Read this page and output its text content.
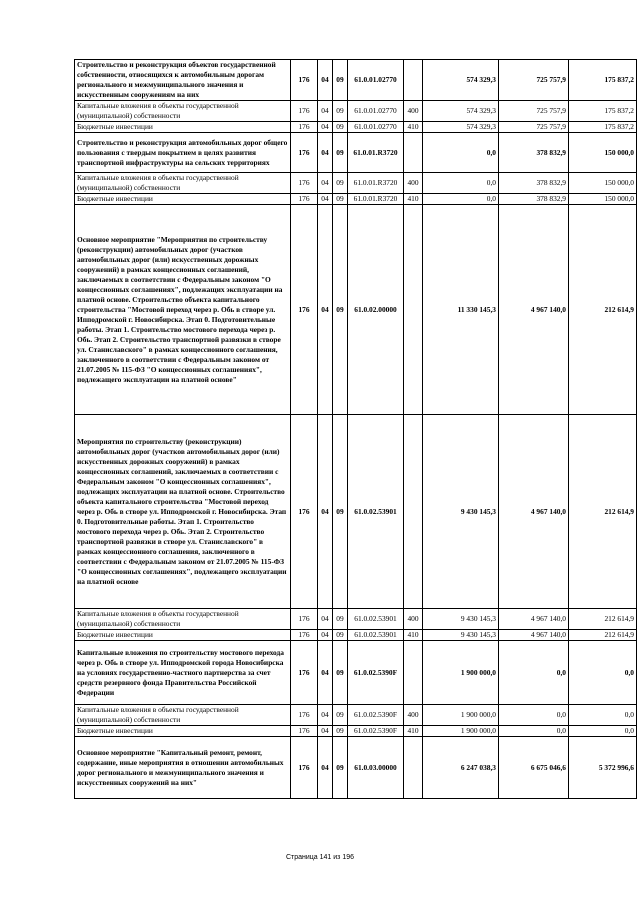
Строительство и реконструкция объектов государственной собственности, относящихся к автомобильным дорогам регионального и межмуниципального значения и искусственным сооружениям на них	176	04	09	61.0.01.02770		574 329,3	725 757,9	175 837,2
Капитальные вложения в объекты государственной (муниципальной) собственности	176	04	09	61.0.01.02770	400	574 329,3	725 757,9	175 837,2
Бюджетные инвестиции	176	04	09	61.0.01.02770	410	574 329,3	725 757,9	175 837,2
Строительство и реконструкция автомобильных дорог общего пользования с твердым покрытием в целях развития транспортной инфраструктуры на сельских территориях	176	04	09	61.0.01.R3720		0,0	378 832,9	150 000,0
Капитальные вложения в объекты государственной (муниципальной) собственности	176	04	09	61.0.01.R3720	400	0,0	378 832,9	150 000,0
Бюджетные инвестиции	176	04	09	61.0.01.R3720	410	0,0	378 832,9	150 000,0
Основное мероприятие "Мероприятия по строительству (реконструкции) автомобильных дорог (участков автомобильных дорог (или) искусственных дорожных сооружений) в рамках концессионных соглашений, заключаемых в соответствии с Федеральным законом "О концессионных соглашениях", подлежащих эксплуатации на платной основе. Строительство объекта капитального строительства "Мостовой переход через р. Обь в створе ул. Ипподромской г. Новосибирска. Этап 0. Подготовительные работы. Этап 1. Строительство мостового перехода через р. Обь. Этап 2. Строительство транспортной развязки в створе ул. Станиславского" в рамках концессионного соглашения, заключенного в соответствии с Федеральным законом от 21.07.2005 № 115-ФЗ "О концессионных соглашениях", подлежащего эксплуатации на платной основе"	176	04	09	61.0.02.00000		11 330 145,3	4 967 140,0	212 614,9
Мероприятия по строительству (реконструкции) автомобильных дорог (участков автомобильных дорог (или) искусственных дорожных сооружений) в рамках концессионных соглашений, заключаемых в соответствии с Федеральным законом "О концессионных соглашениях", подлежащих эксплуатации на платной основе. Строительство объекта капитального строительства "Мостовой переход через р. Обь в створе ул. Ипподромской г. Новосибирска. Этап 0. Подготовительные работы. Этап 1. Строительство мостового перехода через р. Обь. Этап 2. Строительство транспортной развязки в створе ул. Станиславского" в рамках концессионного соглашения, заключенного в соответствии с Федеральным законом от 21.07.2005 № 115-ФЗ "О концессионных соглашениях", подлежащего эксплуатации на платной основе	176	04	09	61.0.02.53901		9 430 145,3	4 967 140,0	212 614,9
Капитальные вложения в объекты государственной (муниципальной) собственности	176	04	09	61.0.02.53901	400	9 430 145,3	4 967 140,0	212 614,9
Бюджетные инвестиции	176	04	09	61.0.02.53901	410	9 430 145,3	4 967 140,0	212 614,9
Капитальные вложения по строительству мостового перехода через р. Обь в створе ул. Ипподромской города Новосибирска на условиях государственно-частного партнерства за счет средств резервного фонда Правительства Российской Федерации	176	04	09	61.0.02.5390F		1 900 000,0	0,0	0,0
Капитальные вложения в объекты государственной (муниципальной) собственности	176	04	09	61.0.02.5390F	400	1 900 000,0	0,0	0,0
Бюджетные инвестиции	176	04	09	61.0.02.5390F	410	1 900 000,0	0,0	0,0
Основное мероприятие "Капитальный ремонт, ремонт, содержание, иные мероприятия в отношении автомобильных дорог регионального и межмуниципального значения и искусственных сооружений на них"	176	04	09	61.0.03.00000		6 247 038,3	6 675 046,6	5 372 996,6
Страница 141 из 196
